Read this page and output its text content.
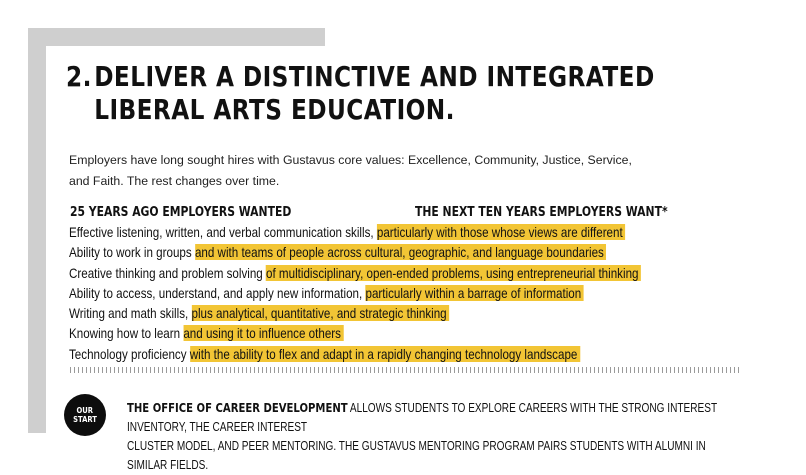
2.DELIVER A DISTINCTIVE AND INTEGRATED
LIBERAL ARTS EDUCATION.

Employers have long sought hires with Gustavus core values: Excellence, Community, Justice, Service,
and Faith. The rest changes over time.

25 YEARS AGO EMPLOYERS WANTED	THE NEXT TEN YEARS EMPLOYERS WANT*
Effective listening, written, and verbal communication skills, particularly with those whose views are different
Ability to work in groups and with teams of people across cultural, geographic, and language boundaries
Creative thinking and problem solving of multidisciplinary, open-ended problems, using entrepreneurial thinking
Ability to access, understand, and apply new information, particularly within a barrage of information
Writing and math skills, plus analytical, quantitative, and strategic thinking
Knowing how to learn and using it to influence others
Technology proficiency with the ability to flex and adapt in a rapidly changing technology landscape
OUR
START

THE OFFICE OF CAREER DEVELOPMENT ALLOWS STUDENTS TO EXPLORE CAREERS WITH THE STRONG INTEREST INVENTORY, THE CAREER INTEREST
CLUSTER MODEL, AND PEER MENTORING. THE GUSTAVUS MENTORING PROGRAM PAIRS STUDENTS WITH ALUMNI IN SIMILAR FIELDS.
